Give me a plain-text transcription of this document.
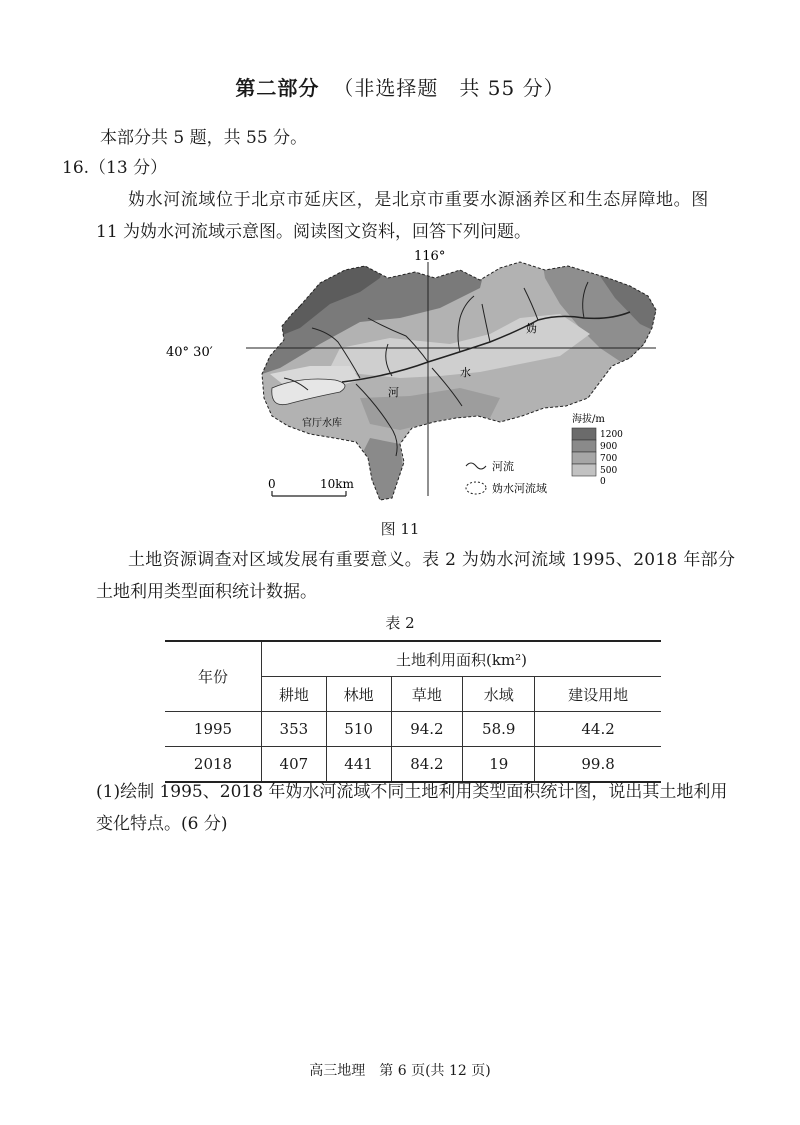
第二部分 （非选择题　共 55 分）
本部分共 5 题，共 55 分。
16.（13 分）
妫水河流域位于北京市延庆区，是北京市重要水源涵养区和生态屏障地。图
11 为妫水河流域示意图。阅读图文资料，回答下列问题。
116°
40° 30′
妫
水
河
官厅水库
0	10km
海拔/m
1200
900
700
500
0
河流
妫水河流域
图 11
土地资源调查对区域发展有重要意义。表 2 为妫水河流域 1995、2018 年部分
土地利用类型面积统计数据。
表 2
年份	土地利用面积(km²)				
	耕地	林地	草地	水域	建设用地
1995	353	510	94.2	58.9	44.2
2018	407	441	84.2	19	99.8
(1)绘制 1995、2018 年妫水河流域不同土地利用类型面积统计图，说出其土地利用
变化特点。(6 分)
高三地理　第 6 页(共 12 页)
